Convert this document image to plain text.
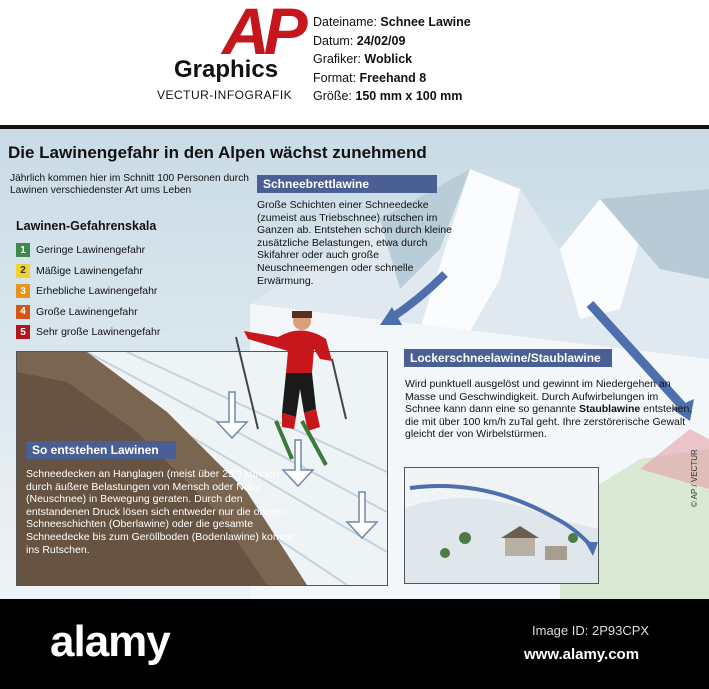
AP
Graphics
VECTUR-INFOGRAFIK
Dateiname: Schnee Lawine
Datum: 24/02/09
Grafiker: Woblick
Format: Freehand 8
Größe: 150 mm x 100 mm
Die Lawinengefahr in den Alpen wächst zunehmend
Jährlich kommen hier im Schnitt 100 Personen durch Lawinen verschiedenster Art ums Leben
Lawinen-Gefahrenskala
1 Geringe Lawinengefahr
2 Mäßige Lawinengefahr
3 Erhebliche Lawinengefahr
4 Große Lawinengefahr
5 Sehr große Lawinengefahr
Schneebrettlawine
Große Schichten einer Schneedecke (zumeist aus Triebschnee) rutschen im Ganzen ab. Entstehen schon durch kleine zusätzliche Belastungen, etwa durch Skifahrer oder auch große Neuschneemengen oder schnelle Erwärmung.
So entstehen Lawinen
Schneedecken an Hanglagen (meist über 25°) können durch äußere Belastungen von Mensch oder Natur (Neuschnee) in Bewegung geraten. Durch den entstandenen Druck lösen sich entweder nur die oberen Schneeschichten (Oberlawine) oder die gesamte Schneedecke bis zum Geröllboden (Bodenlawine) kommt ins Rutschen.
Lockerschneelawine/Staublawine
Wird punktuell ausgelöst und gewinnt im Niedergehen an Masse und Geschwindigkeit. Durch Aufwirbelungen im Schnee kann dann eine so genannte Staublawine entstehen, die mit über 100 km/h zuTal geht. Ihre zerstörerische Gewalt gleicht der von Wirbelstürmen.
© AP / VECTUR
alamy	Image ID: 2P93CPX
www.alamy.com
